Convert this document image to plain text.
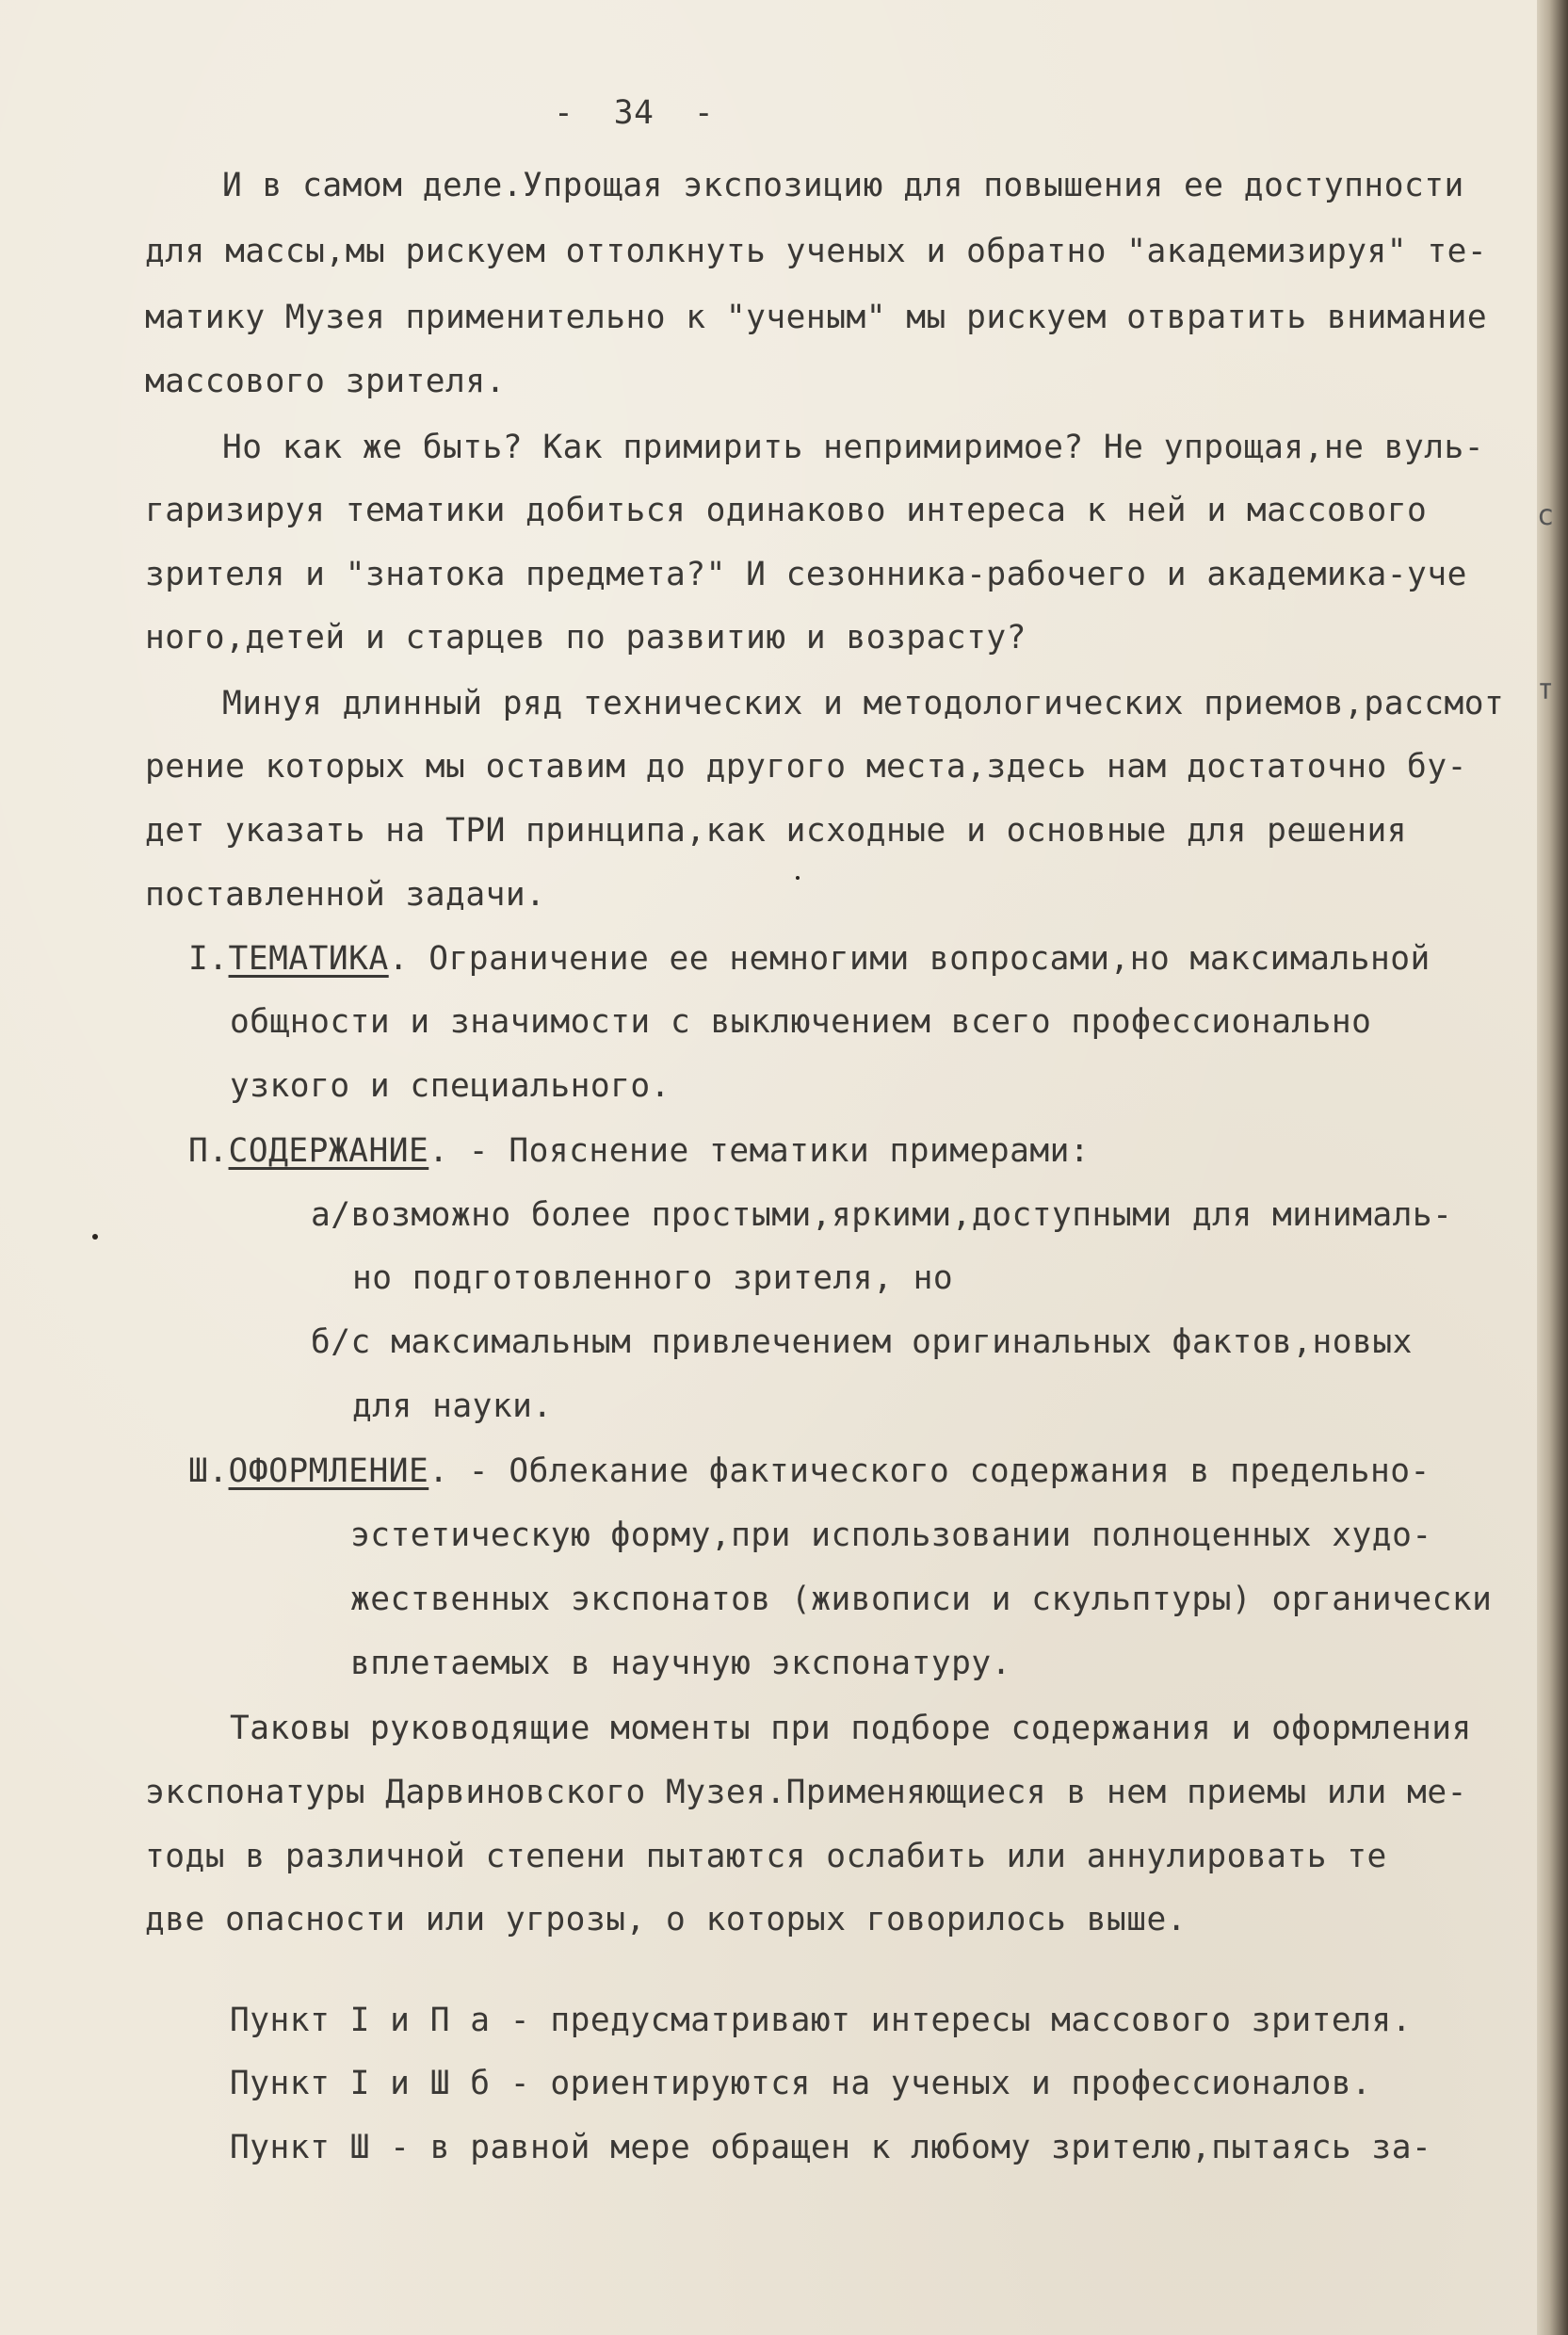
с
т

-  34  -

И в самом деле.Упрощая экспозицию для повышения ее доступности

для массы,мы рискуем оттолкнуть ученых и обратно "академизируя" те-

матику Музея применительно к "ученым" мы рискуем отвратить внимание

массового зрителя.

Но как же быть? Как примирить непримиримое? Не упрощая,не вуль-

гаризируя тематики добиться одинаково интереса к ней и массового

зрителя и "знатока предмета?" И сезонника-рабочего и академика-уче

ного,детей и старцев по развитию и возрасту?

Минуя длинный ряд технических и методологических приемов,рассмот

рение которых мы оставим до другого места,здесь нам достаточно бу-

дет указать на ТРИ принципа,как исходные и основные для решения

поставленной задачи.

I.ТЕМАТИКА. Ограничение ее немногими вопросами,но максимальной

общности и значимости с выключением всего профессионально

узкого и специального.

П.СОДЕРЖАНИЕ. - Пояснение тематики примерами:

а/возможно более простыми,яркими,доступными для минималь-

но подготовленного зрителя, но

б/с максимальным привлечением оригинальных фактов,новых

для науки.

Ш.ОФОРМЛЕНИЕ. - Облекание фактического содержания в предельно-

эстетическую форму,при использовании полноценных худо-

жественных экспонатов (живописи и скульптуры) органически

вплетаемых в научную экспонатуру.

Таковы руководящие моменты при подборе содержания и оформления

экспонатуры Дарвиновского Музея.Применяющиеся в нем приемы или ме-

тоды в различной степени пытаются ослабить или аннулировать те

две опасности или угрозы, о которых говорилось выше.

Пункт I и П а - предусматривают интересы массового зрителя.

Пункт I и Ш б - ориентируются на ученых и профессионалов.

Пункт Ш - в равной мере обращен к любому зрителю,пытаясь за-
